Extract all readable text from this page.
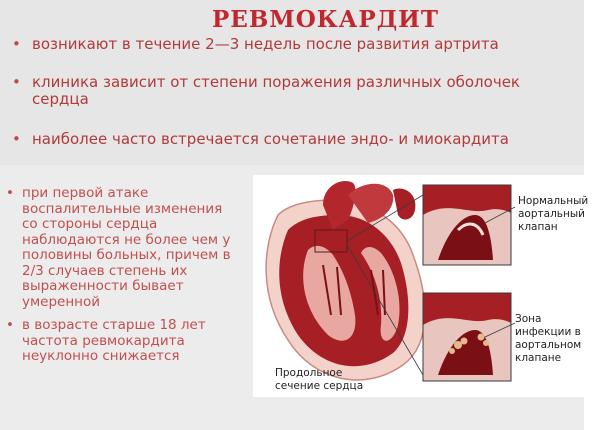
РЕВМОКАРДИТ
• возникают в течение 2—3 недель после развития артрита
• клиника зависит от степени поражения различных оболочек сердца
• наиболее часто встречается сочетание эндо- и миокардита
• при первой атаке воспалительные изменения со стороны сердца наблюдаются не более чем у половины больных, причем в 2/3 случаев степень их выраженности бывает умеренной
• в возрасте старше 18 лет частота ревмокардита неуклонно снижается
Нормальный аортальный клапан
Зона инфекции в аортальном клапане
Продольное сечение сердца
